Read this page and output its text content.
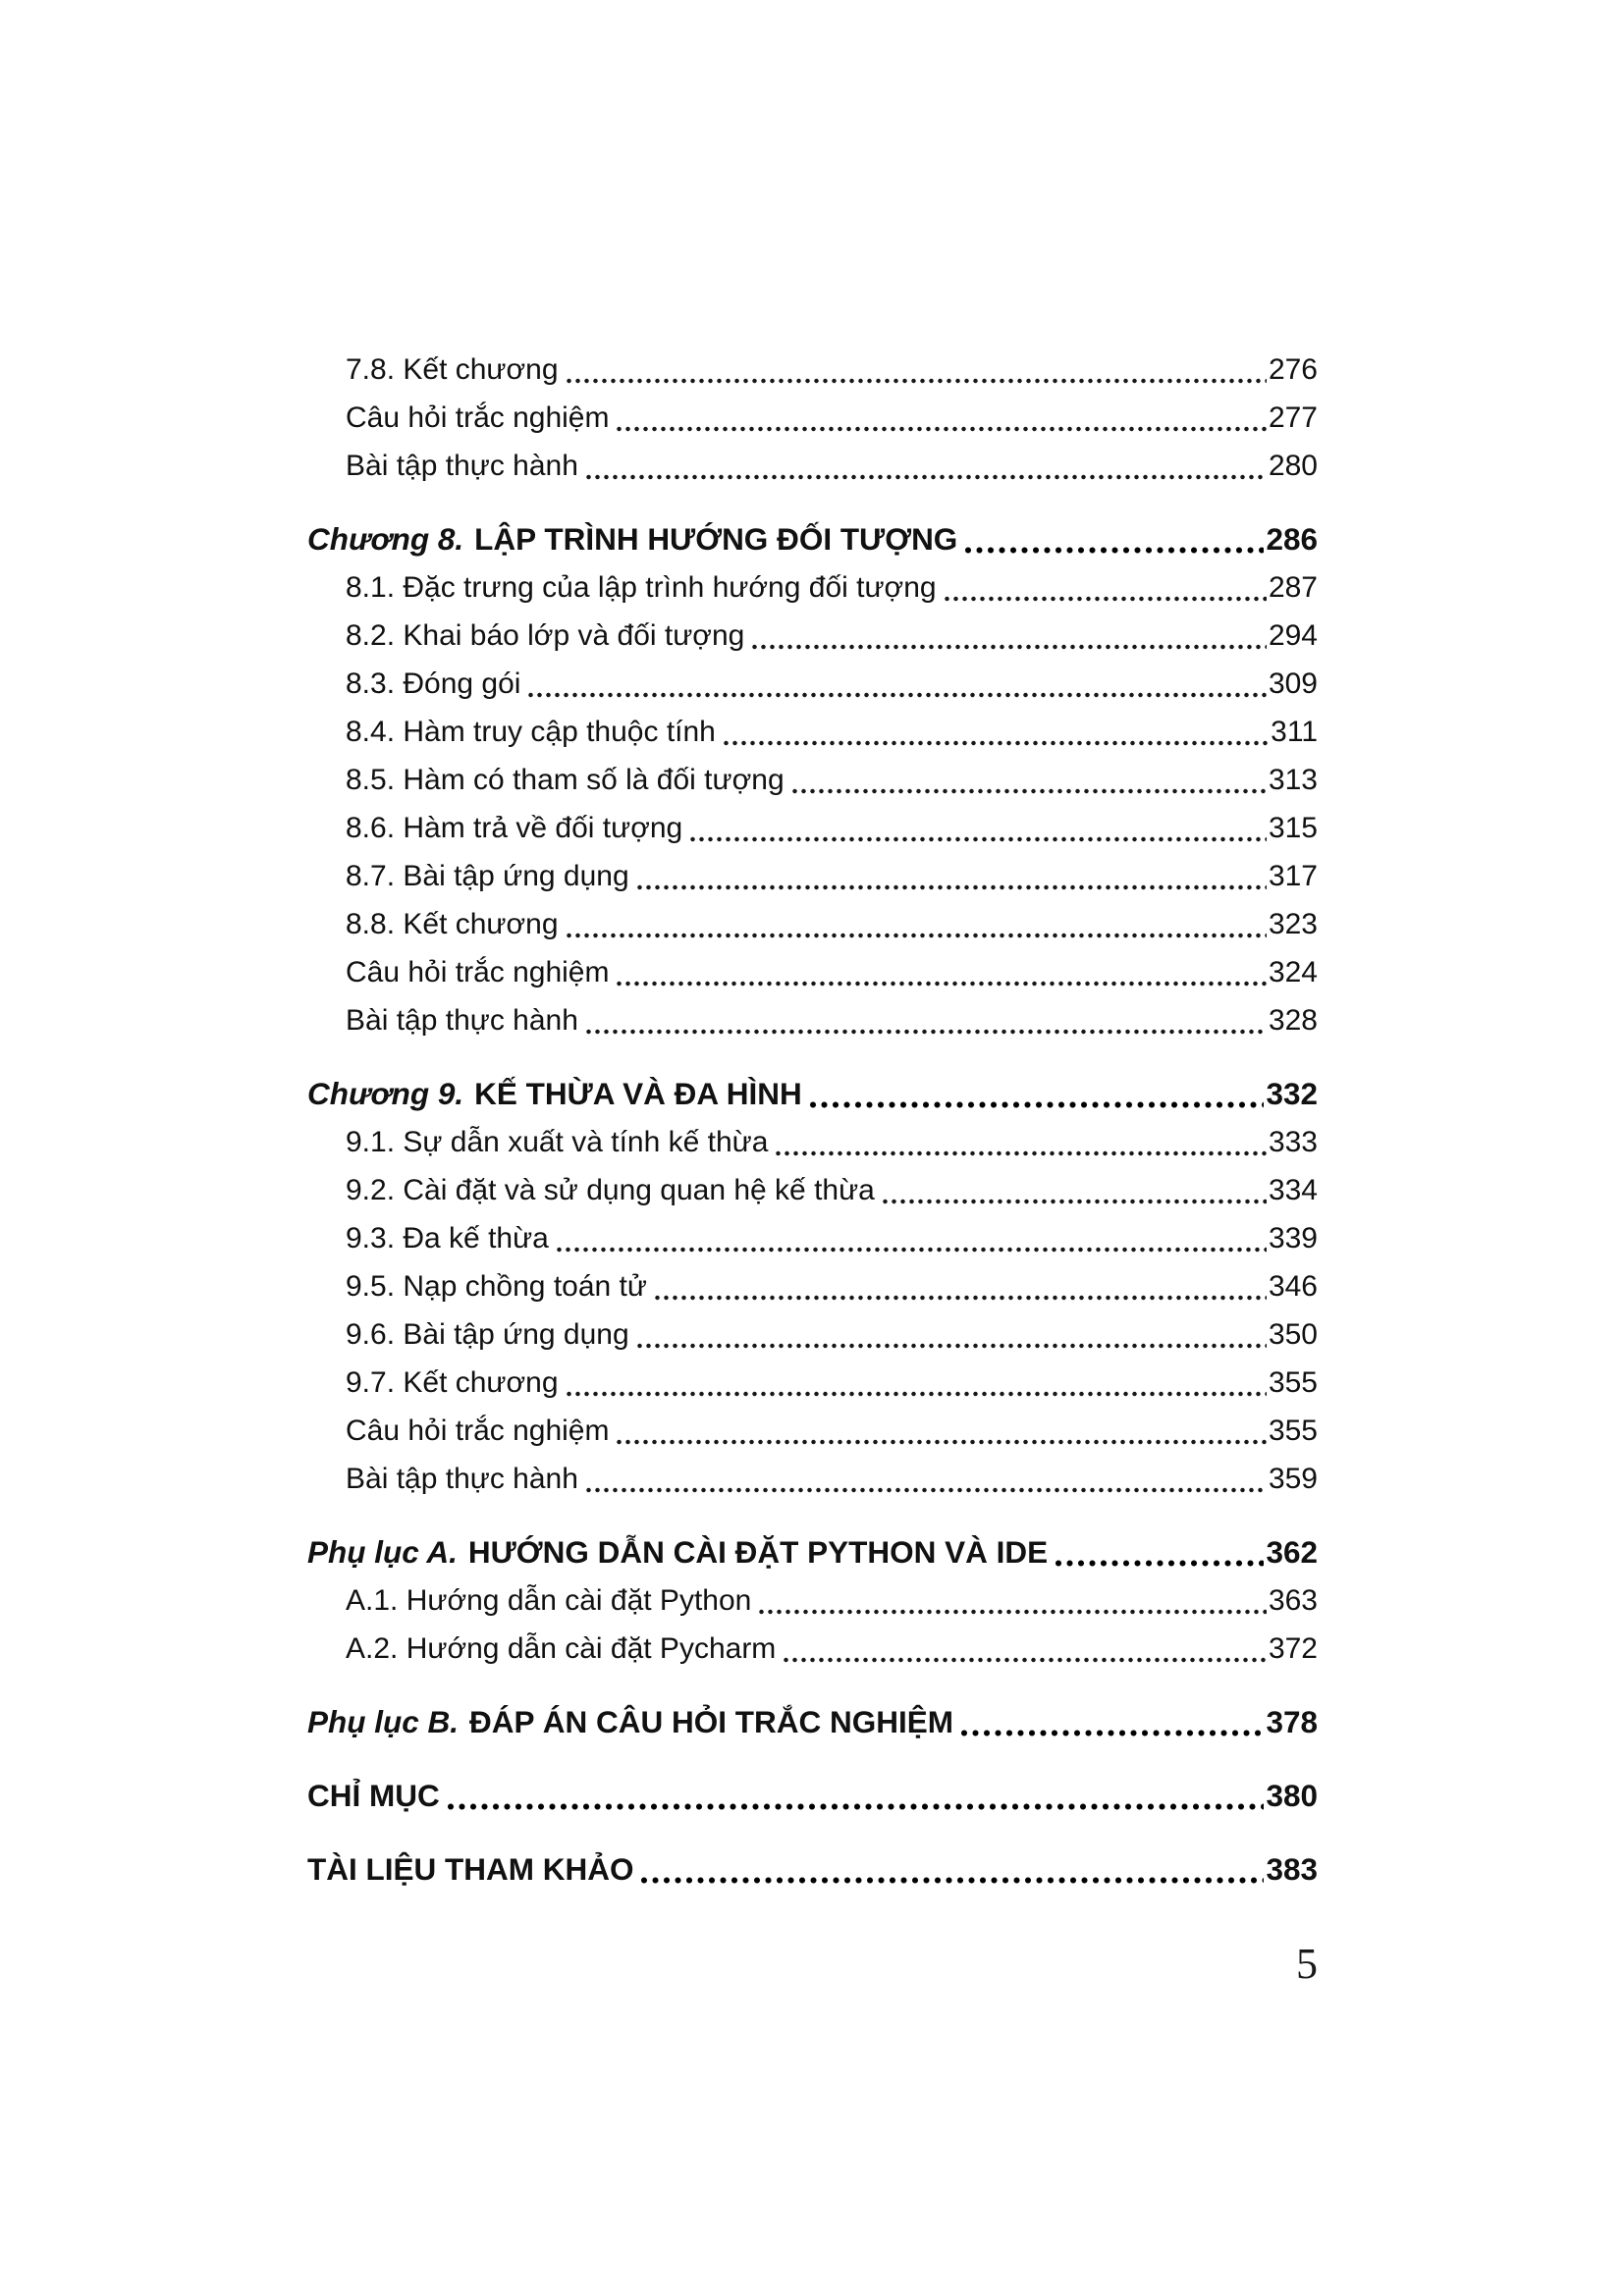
7.8. Kết chương	276
Câu hỏi trắc nghiệm	277
Bài tập thực hành	280
Chương 8. LẬP TRÌNH HƯỚNG ĐỐI TƯỢNG	286
8.1. Đặc trưng của lập trình hướng đối tượng	287
8.2. Khai báo lớp và đối tượng	294
8.3. Đóng gói	309
8.4. Hàm truy cập thuộc tính	311
8.5. Hàm có tham số là đối tượng	313
8.6. Hàm trả về đối tượng	315
8.7. Bài tập ứng dụng	317
8.8. Kết chương	323
Câu hỏi trắc nghiệm	324
Bài tập thực hành	328
Chương 9. KẾ THỪA VÀ ĐA HÌNH	332
9.1. Sự dẫn xuất và tính kế thừa	333
9.2. Cài đặt và sử dụng quan hệ kế thừa	334
9.3. Đa kế thừa	339
9.5. Nạp chồng toán tử	346
9.6. Bài tập ứng dụng	350
9.7. Kết chương	355
Câu hỏi trắc nghiệm	355
Bài tập thực hành	359
Phụ lục A. HƯỚNG DẪN CÀI ĐẶT PYTHON VÀ IDE	362
A.1. Hướng dẫn cài đặt Python	363
A.2. Hướng dẫn cài đặt Pycharm	372
Phụ lục B. ĐÁP ÁN CÂU HỎI TRẮC NGHIỆM	378
CHỈ MỤC	380
TÀI LIỆU THAM KHẢO	383
5
